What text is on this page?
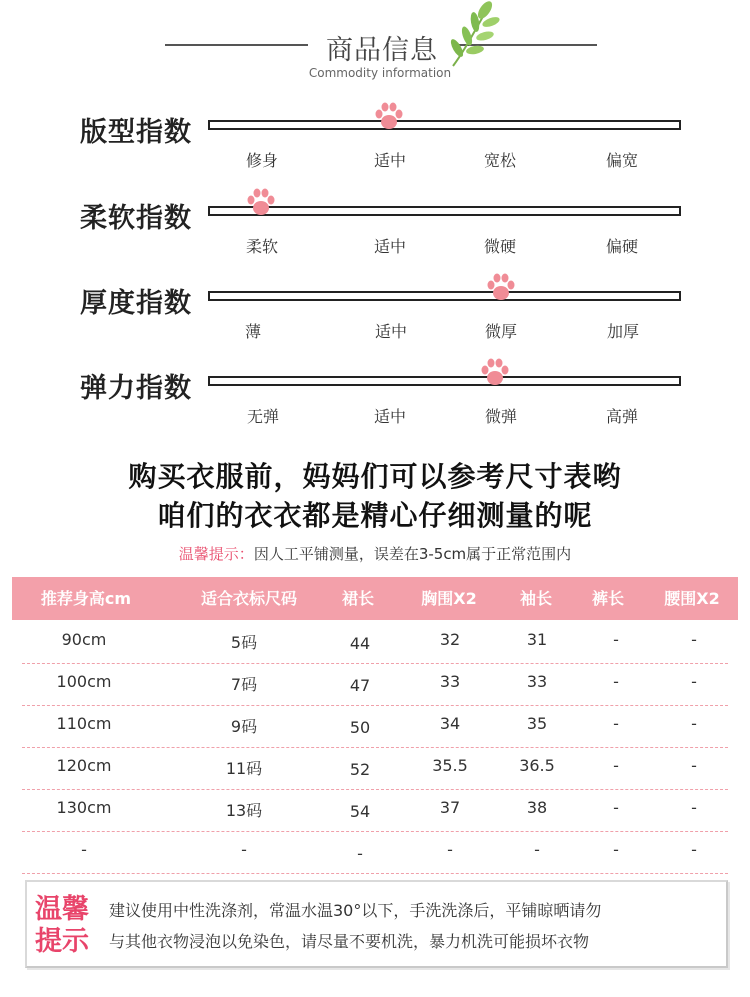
商品信息
Commodity information
版型指数
修身	适中	宽松	偏宽
柔软指数
柔软	适中	微硬	偏硬
厚度指数
薄	适中	微厚	加厚
弹力指数
无弹	适中	微弹	高弹
购买衣服前，妈妈们可以参考尺寸表哟
咱们的衣衣都是精心仔细测量的呢
温馨提示：因人工平铺测量，误差在3-5cm属于正常范围内
推荐身高cm	适合衣标尺码	裙长	胸围X2	袖长	裤长	腰围X2
90cm	5码	44	32	31	-	-
100cm	7码	47	33	33	-	-
110cm	9码	50	34	35	-	-
120cm	11码	52	35.5	36.5	-	-
130cm	13码	54	37	38	-	-
-	-	-	-	-	-	-
温馨
提示
建议使用中性洗涤剂，常温水温30°以下，手洗洗涤后，平铺晾晒请勿
与其他衣物浸泡以免染色，请尽量不要机洗，暴力机洗可能损坏衣物
